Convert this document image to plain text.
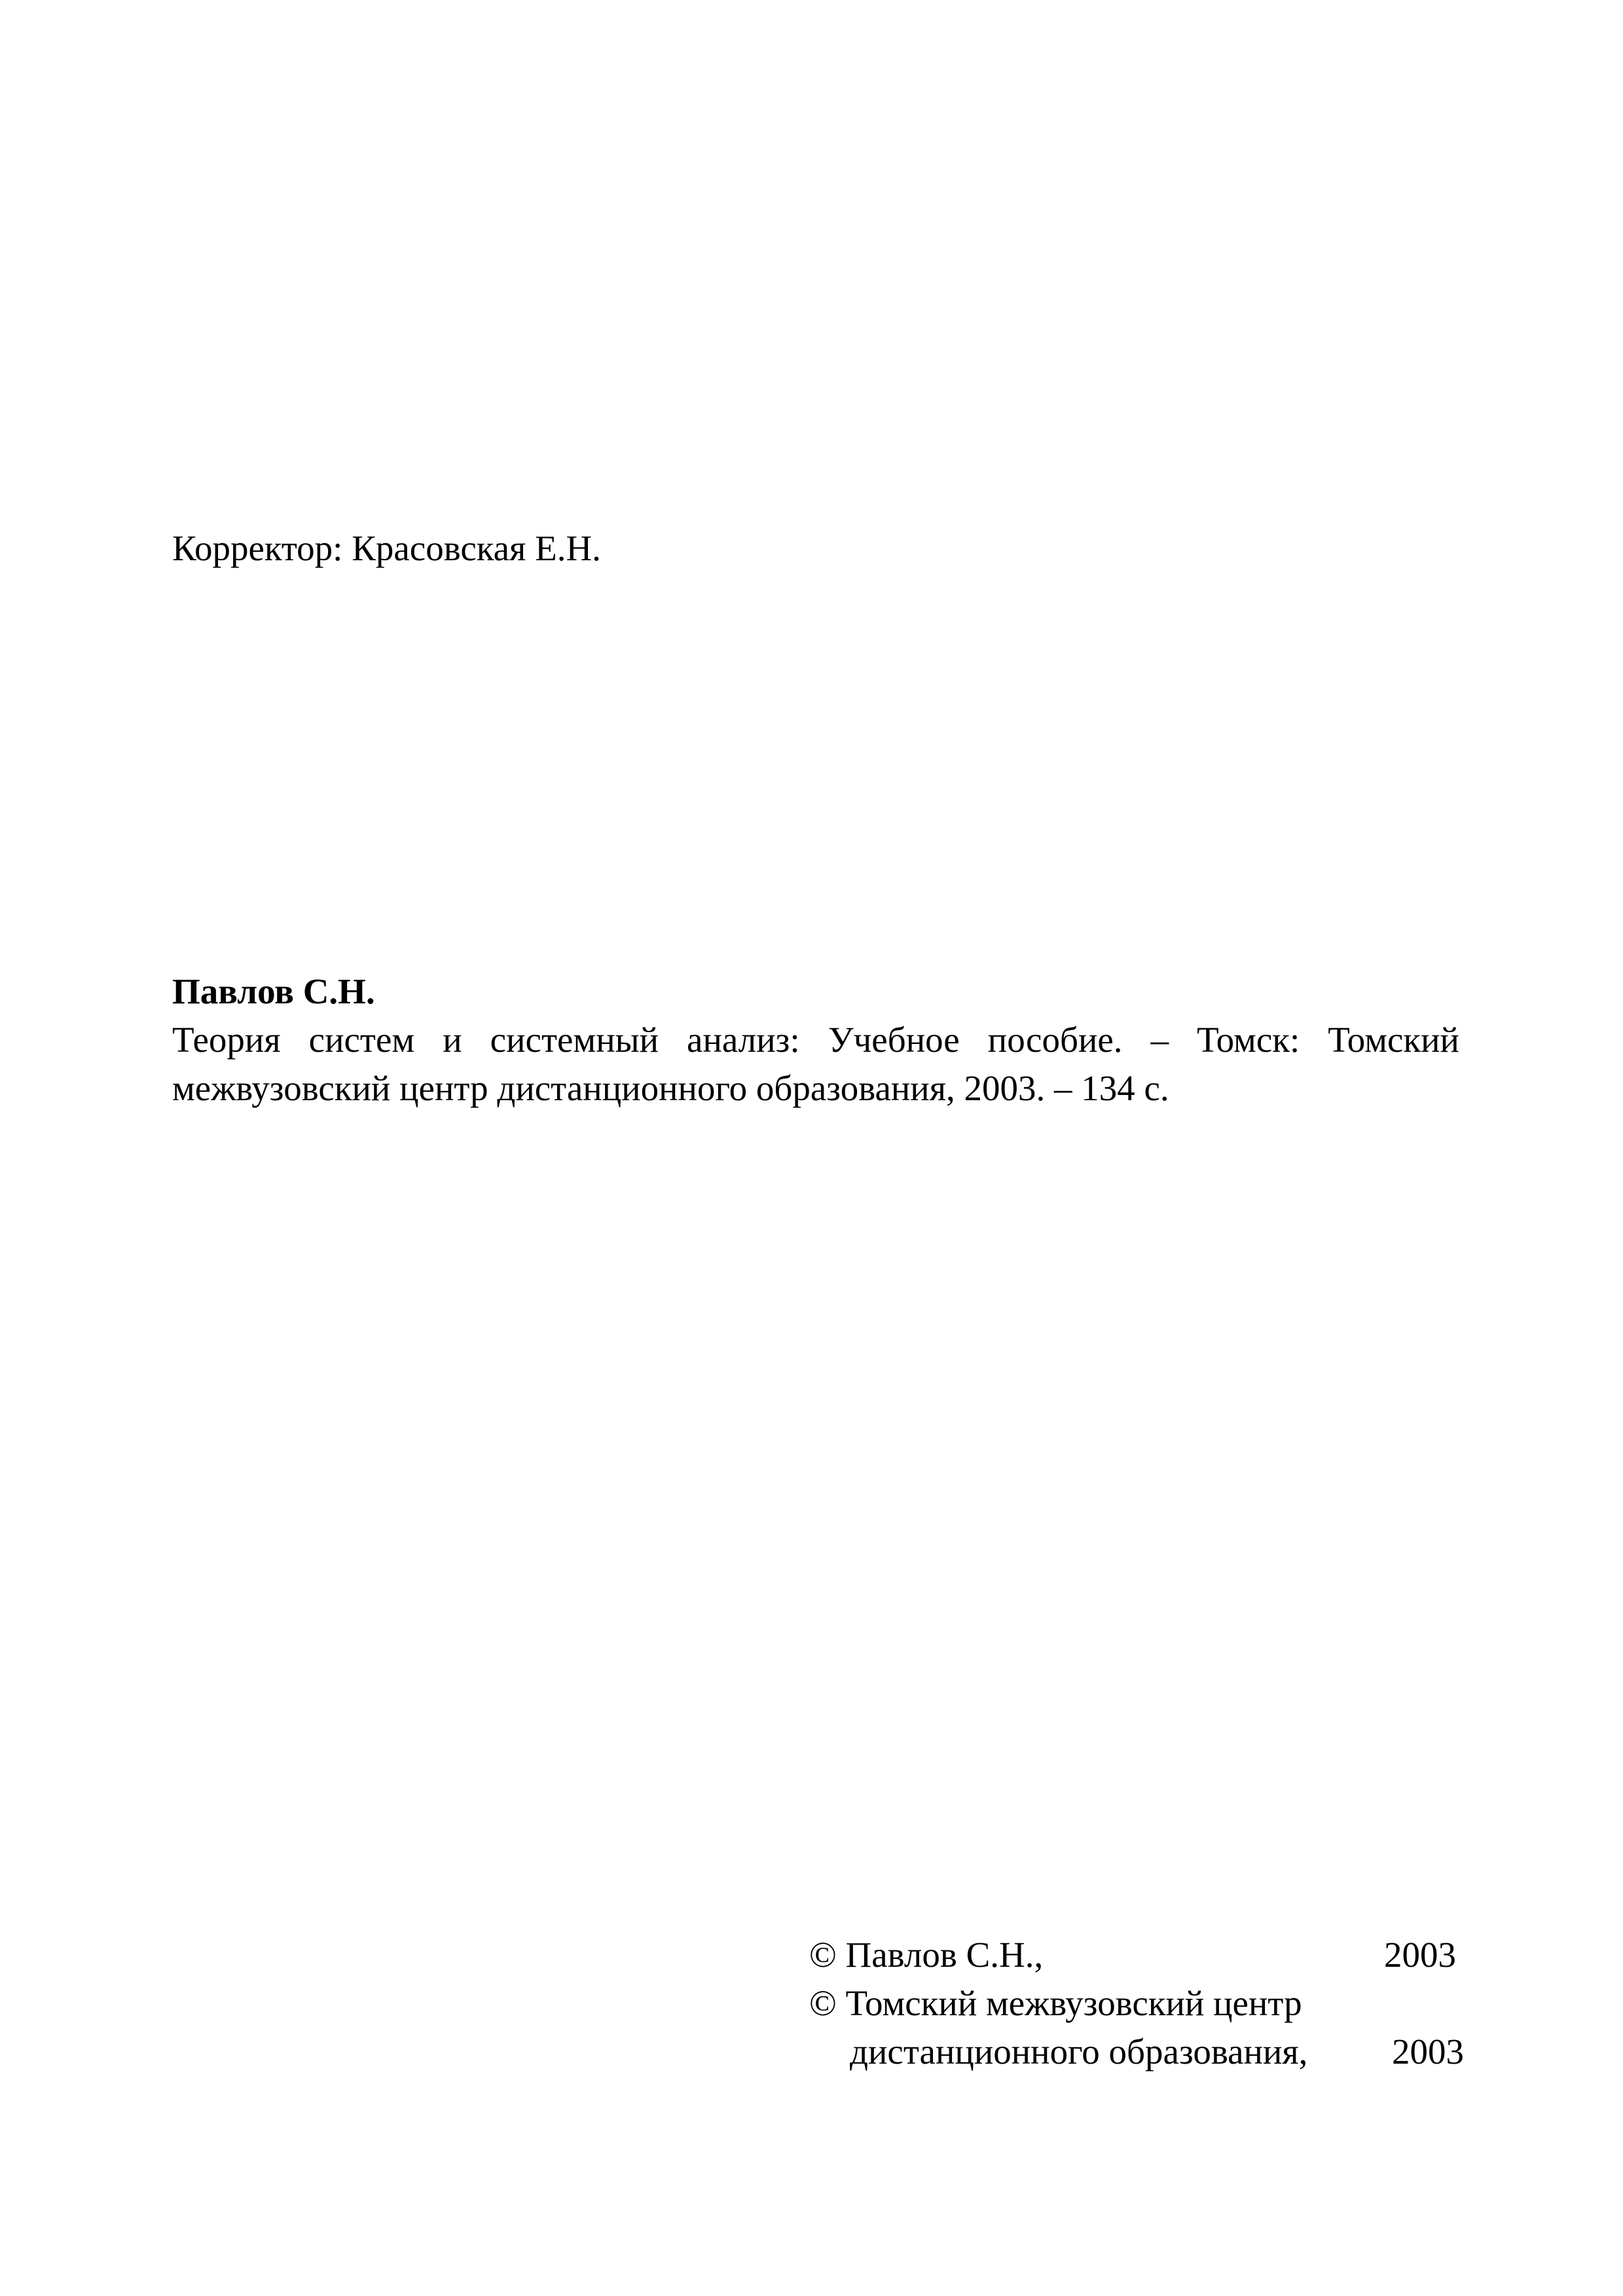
Корректор: Красовская Е.Н.
Павлов С.Н.
Теория систем и системный анализ: Учебное пособие. – Томск: Томский
межвузовский центр дистанционного образования, 2003. – 134 с.
© Павлов С.Н.,	2003
© Томский межвузовский центр
дистанционного образования, 2003
